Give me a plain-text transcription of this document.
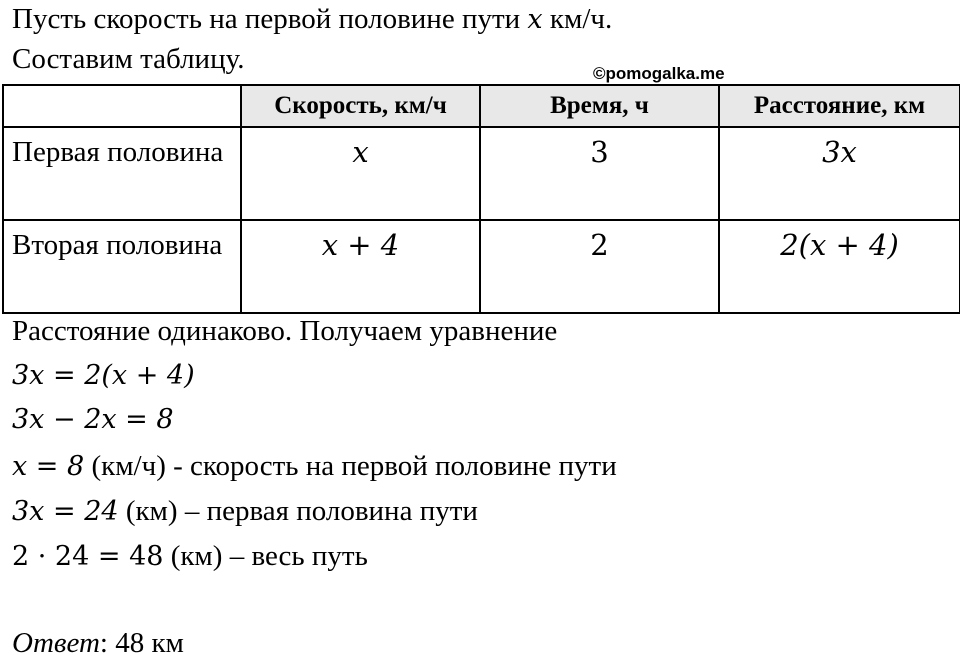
Пусть скорость на первой половине пути x км/ч.
Составим таблицу.	©pomogalka.me
	Скорость, км/ч	Время, ч	Расстояние, км
Первая половина	x	3	3x
Вторая половина	x + 4	2	2(x + 4)
Расстояние одинаково. Получаем уравнение
3x = 2(x + 4)
3x − 2x = 8
x = 8 (км/ч) - скорость на первой половине пути
3x = 24 (км) – первая половина пути
2 · 24 = 48 (км) – весь путь
Ответ: 48 км
